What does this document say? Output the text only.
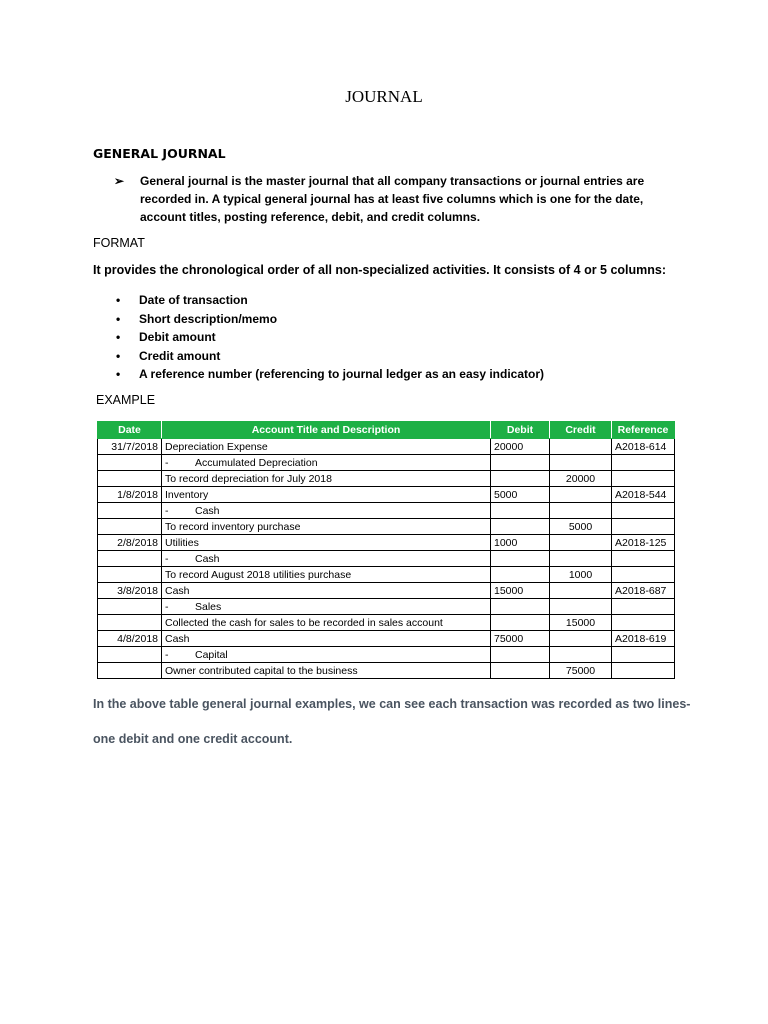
JOURNAL
GENERAL JOURNAL
➢ General journal is the master journal that all company transactions or journal entries are recorded in. A typical general journal has at least five columns which is one for the date, account titles, posting reference, debit, and credit columns.
FORMAT
It provides the chronological order of all non-specialized activities. It consists of 4 or 5 columns:
• Date of transaction
• Short description/memo
• Debit amount
• Credit amount
• A reference number (referencing to journal ledger as an easy indicator)
EXAMPLE
Date	Account Title and Description	Debit	Credit	Reference
31/7/2018	Depreciation Expense	20000		A2018-614
	- Accumulated Depreciation			
	To record depreciation for July 2018		20000	
1/8/2018	Inventory	5000		A2018-544
	- Cash			
	To record inventory purchase		5000	
2/8/2018	Utilities	1000		A2018-125
	- Cash			
	To record August 2018 utilities purchase		1000	
3/8/2018	Cash	15000		A2018-687
	- Sales			
	Collected the cash for sales to be recorded in sales account		15000	
4/8/2018	Cash	75000		A2018-619
	- Capital			
	Owner contributed capital to the business		75000	
In the above table general journal examples, we can see each transaction was recorded as two lines-
one debit and one credit account.
